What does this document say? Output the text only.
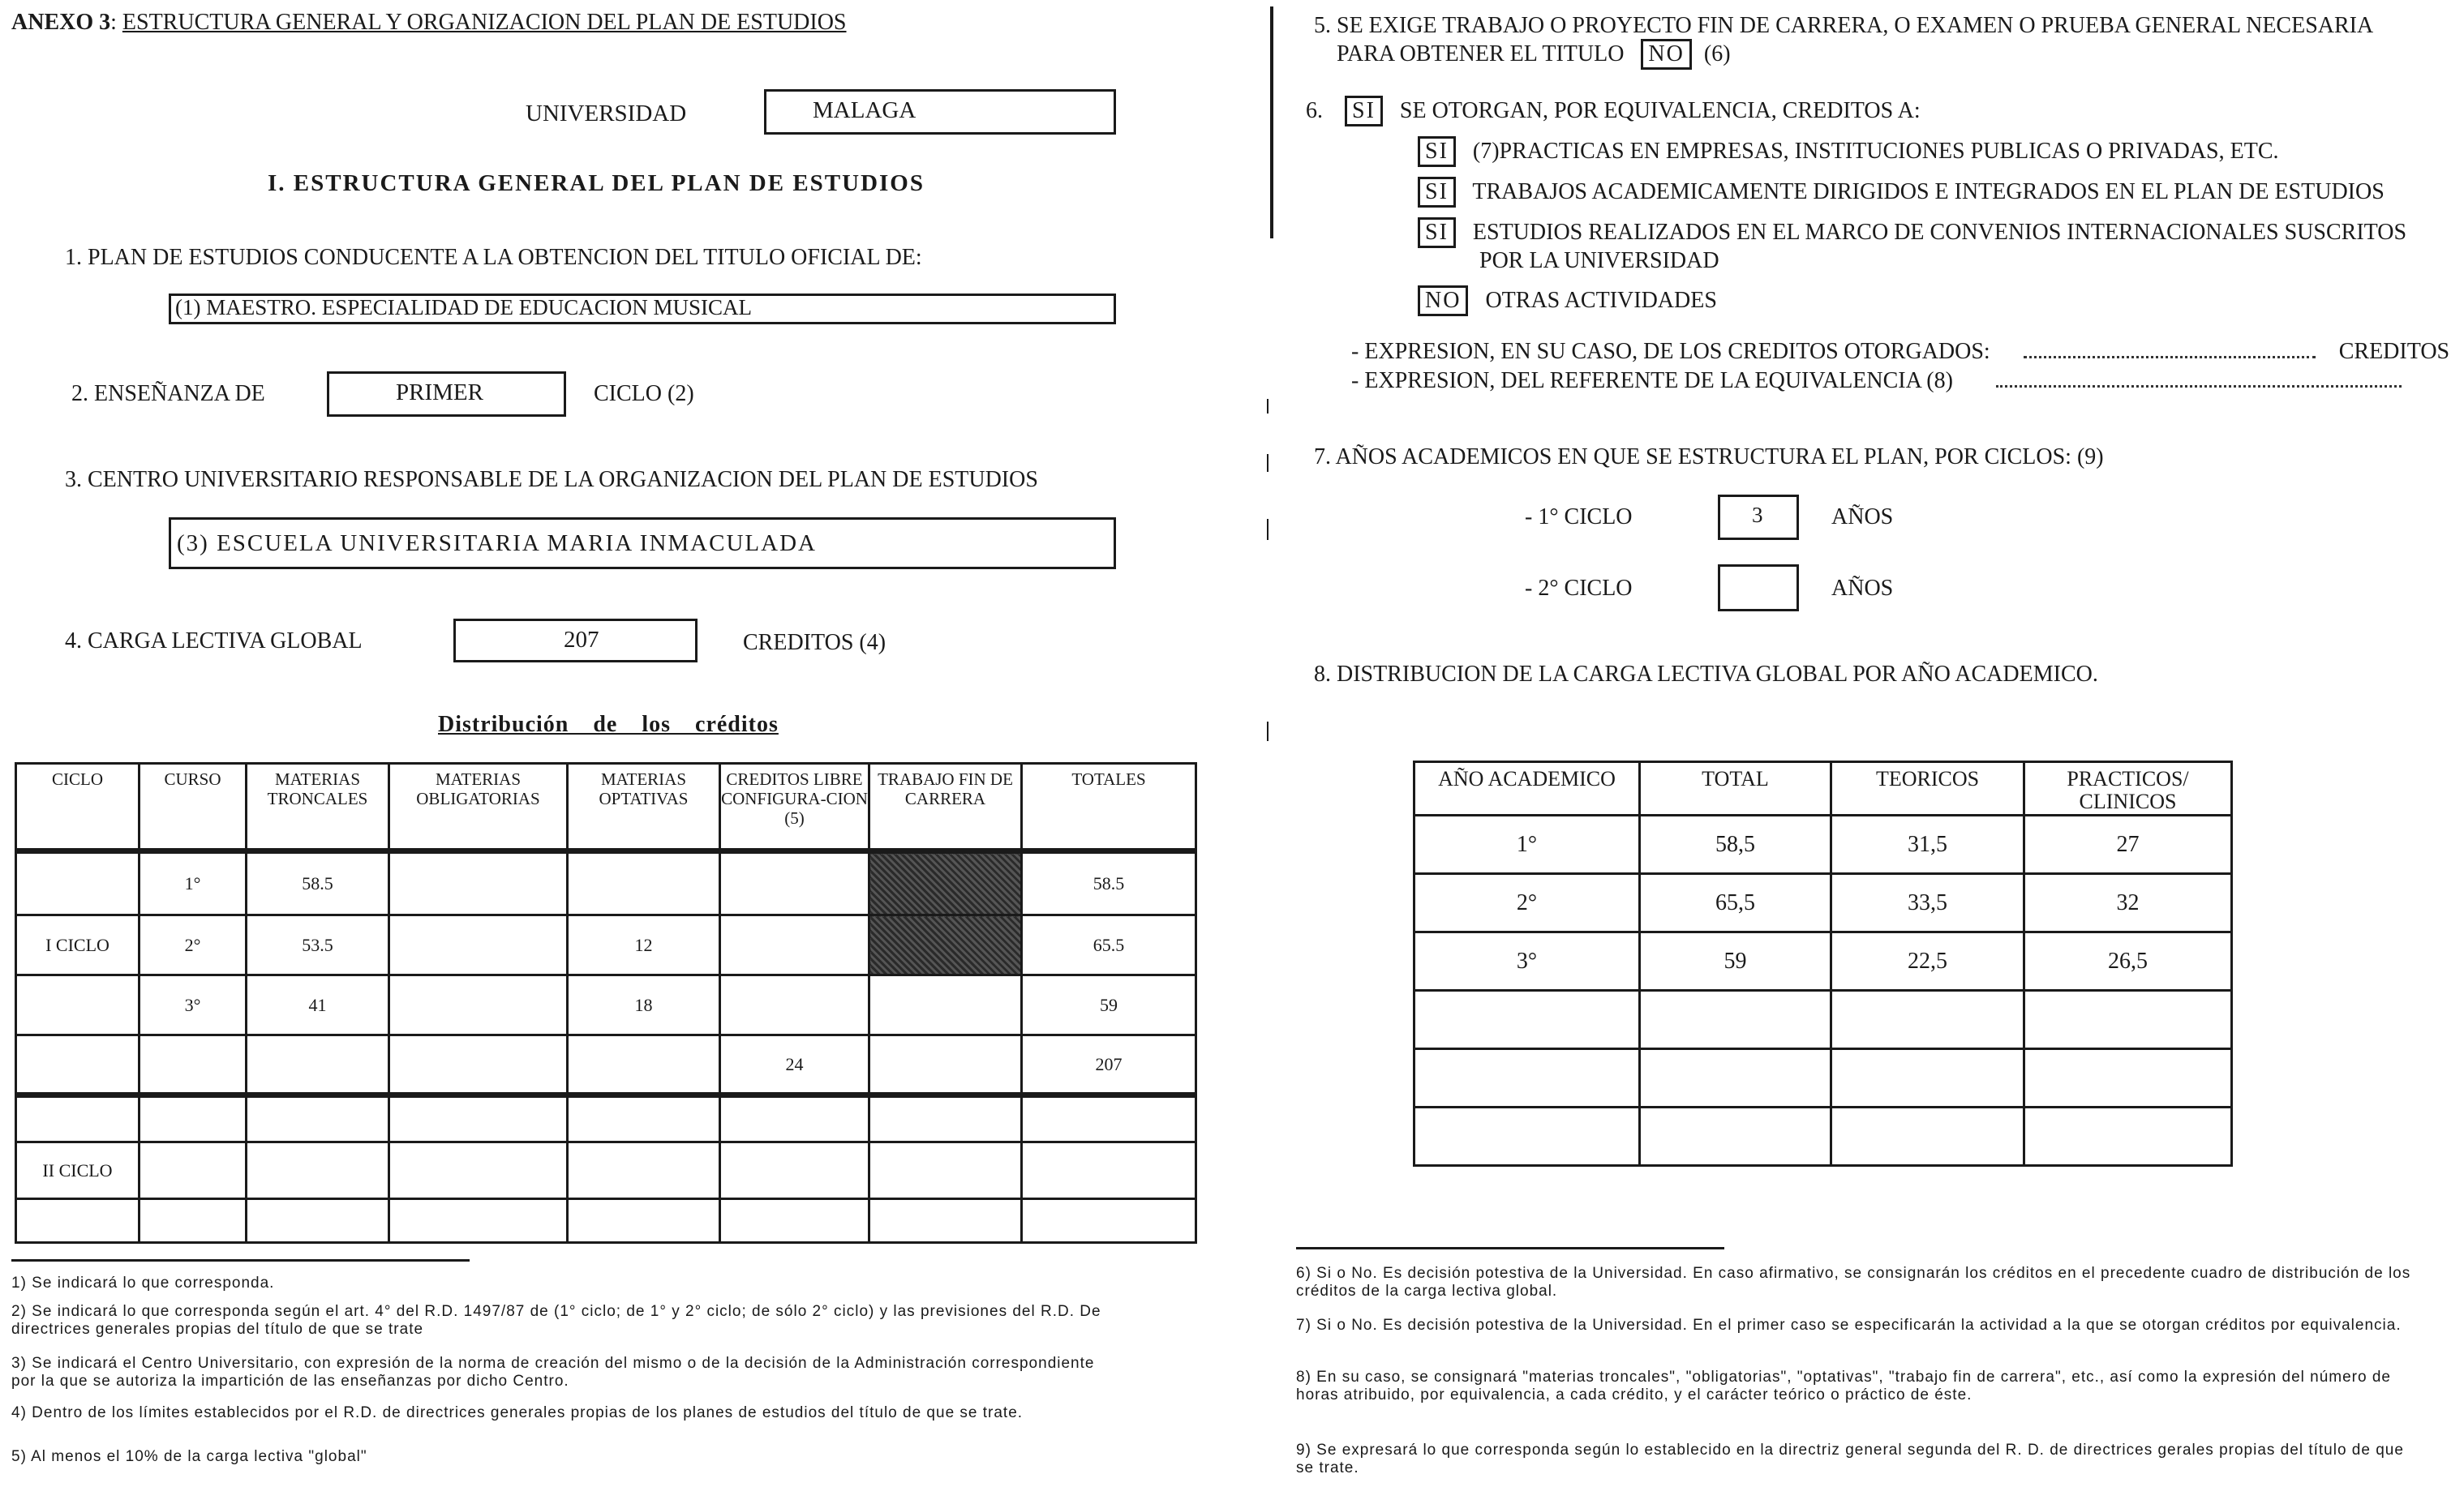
ANEXO 3: ESTRUCTURA GENERAL Y ORGANIZACION DEL PLAN DE ESTUDIOS
UNIVERSIDAD	MALAGA
I. ESTRUCTURA GENERAL DEL PLAN DE ESTUDIOS
1. PLAN DE ESTUDIOS CONDUCENTE A LA OBTENCION DEL TITULO OFICIAL DE:
(1) MAESTRO. ESPECIALIDAD DE EDUCACION MUSICAL
2. ENSEÑANZA DE	PRIMER	CICLO (2)
3. CENTRO UNIVERSITARIO RESPONSABLE DE LA ORGANIZACION DEL PLAN DE ESTUDIOS
(3) ESCUELA UNIVERSITARIA MARIA INMACULADA
4. CARGA LECTIVA GLOBAL	207	CREDITOS (4)
Distribución de los créditos
CICLO	CURSO	MATERIAS TRONCALES	MATERIAS OBLIGATORIAS	MATERIAS OPTATIVAS	CREDITOS LIBRE CONFIGURA-CION (5)	TRABAJO FIN DE CARRERA	TOTALES
	1°	58.5					58.5
I CICLO	2°	53.5		12			65.5
	3°	41		18			59
					24		207

II CICLO							

1) Se indicará lo que corresponda.
2) Se indicará lo que corresponda según el art. 4° del R.D. 1497/87 de (1° ciclo; de 1° y 2° ciclo; de sólo 2° ciclo) y las previsiones del R.D. De directrices generales propias del título de que se trate
3) Se indicará el Centro Universitario, con expresión de la norma de creación del mismo o de la decisión de la Administración correspondiente por la que se autoriza la impartición de las enseñanzas por dicho Centro.
4) Dentro de los límites establecidos por el R.D. de directrices generales propias de los planes de estudios del título de que se trate.
5) Al menos el 10% de la carga lectiva "global"
5. SE EXIGE TRABAJO O PROYECTO FIN DE CARRERA, O EXAMEN O PRUEBA GENERAL NECESARIA
PARA OBTENER EL TITULO NO (6)
6. SI SE OTORGAN, POR EQUIVALENCIA, CREDITOS A:
SI (7)PRACTICAS EN EMPRESAS, INSTITUCIONES PUBLICAS O PRIVADAS, ETC.
SI TRABAJOS ACADEMICAMENTE DIRIGIDOS E INTEGRADOS EN EL PLAN DE ESTUDIOS
SI ESTUDIOS REALIZADOS EN EL MARCO DE CONVENIOS INTERNACIONALES SUSCRITOS
POR LA UNIVERSIDAD
NO OTRAS ACTIVIDADES
- EXPRESION, EN SU CASO, DE LOS CREDITOS OTORGADOS:	CREDITOS
- EXPRESION, DEL REFERENTE DE LA EQUIVALENCIA (8)
7. AÑOS ACADEMICOS EN QUE SE ESTRUCTURA EL PLAN, POR CICLOS: (9)
- 1° CICLO	3	AÑOS
- 2° CICLO	AÑOS
8. DISTRIBUCION DE LA CARGA LECTIVA GLOBAL POR AÑO ACADEMICO.
AÑO ACADEMICO	TOTAL	TEORICOS	PRACTICOS/ CLINICOS
1°	58,5	31,5	27
2°	65,5	33,5	32
3°	59	22,5	26,5

6) Si o No. Es decisión potestiva de la Universidad. En caso afirmativo, se consignarán los créditos en el precedente cuadro de distribución de los créditos de la carga lectiva global.
7) Si o No. Es decisión potestiva de la Universidad. En el primer caso se especificarán la actividad a la que se otorgan créditos por equivalencia.
8) En su caso, se consignará "materias troncales", "obligatorias", "optativas", "trabajo fin de carrera", etc., así como la expresión del número de horas atribuido, por equivalencia, a cada crédito, y el carácter teórico o práctico de éste.
9) Se expresará lo que corresponda según lo establecido en la directriz general segunda del R. D. de directrices gerales propias del título de que se trate.
